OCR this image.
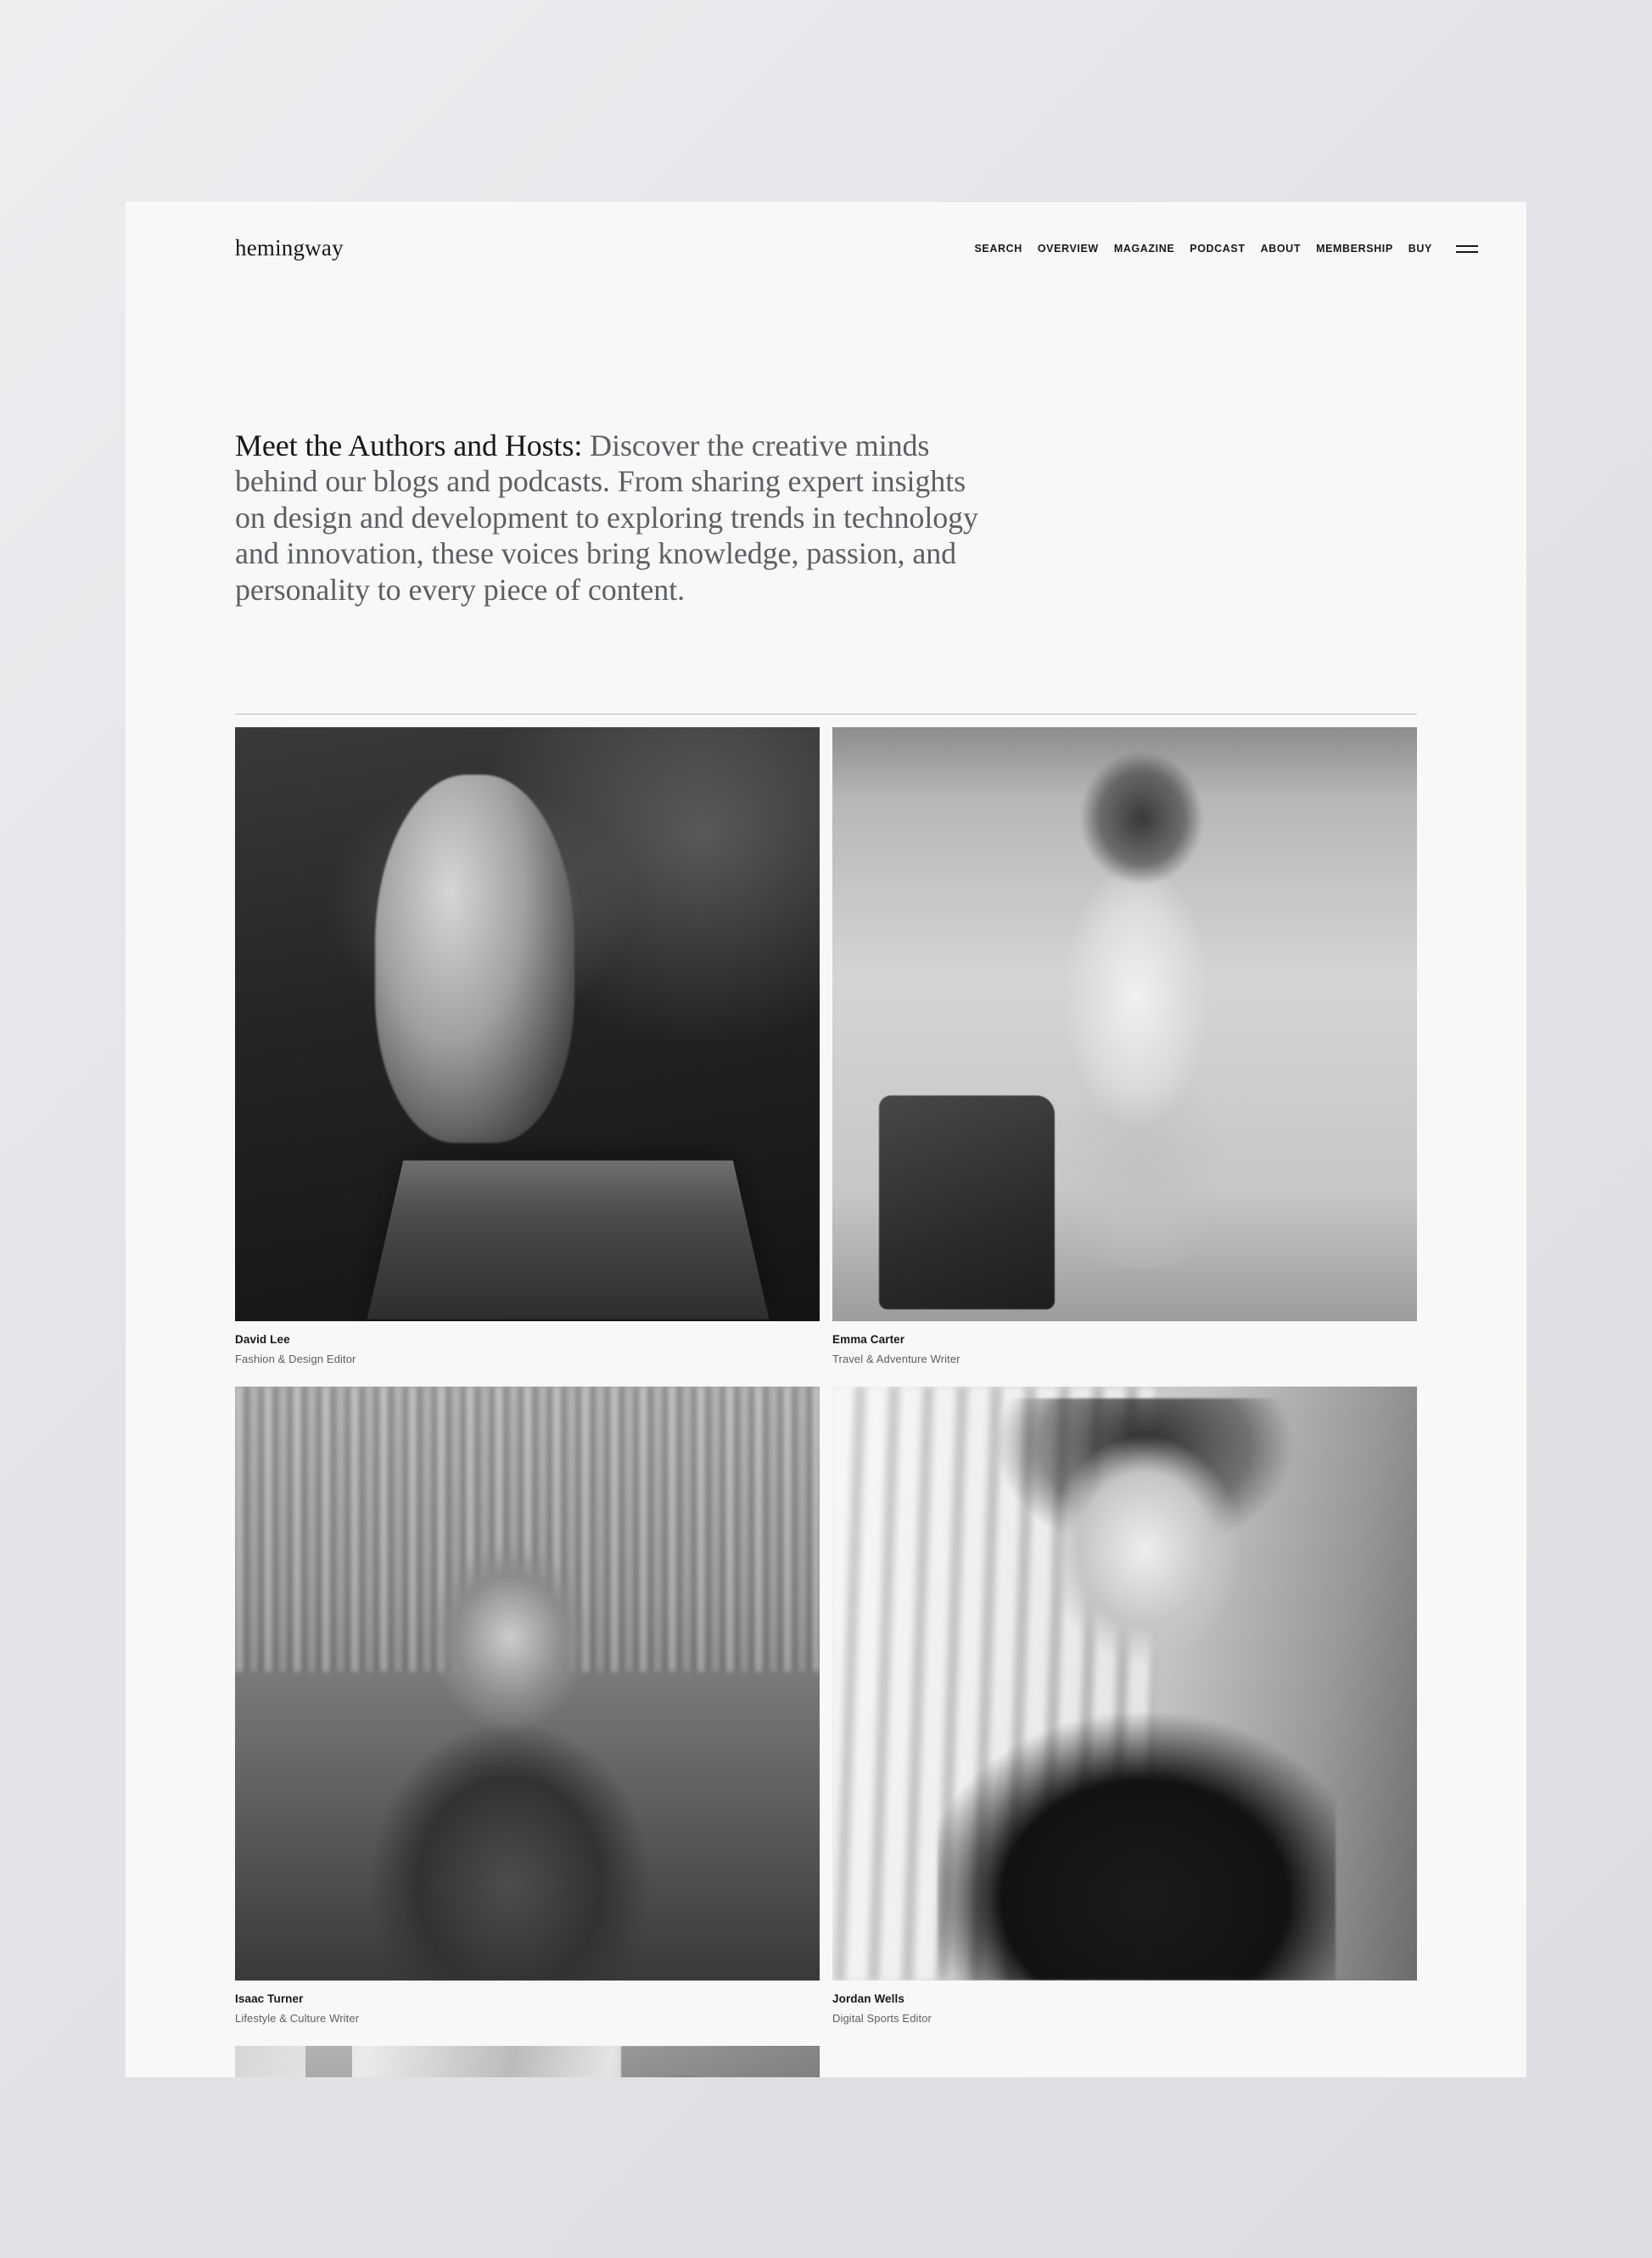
hemingway	SEARCH OVERVIEW MAGAZINE PODCAST ABOUT MEMBERSHIP BUY

Meet the Authors and Hosts: Discover the creative minds behind our blogs and podcasts. From sharing expert insights on design and development to exploring trends in technology and innovation, these voices bring knowledge, passion, and personality to every piece of content.

David Lee
Fashion & Design Editor
Emma Carter
Travel & Adventure Writer
Isaac Turner
Lifestyle & Culture Writer
Jordan Wells
Digital Sports Editor
